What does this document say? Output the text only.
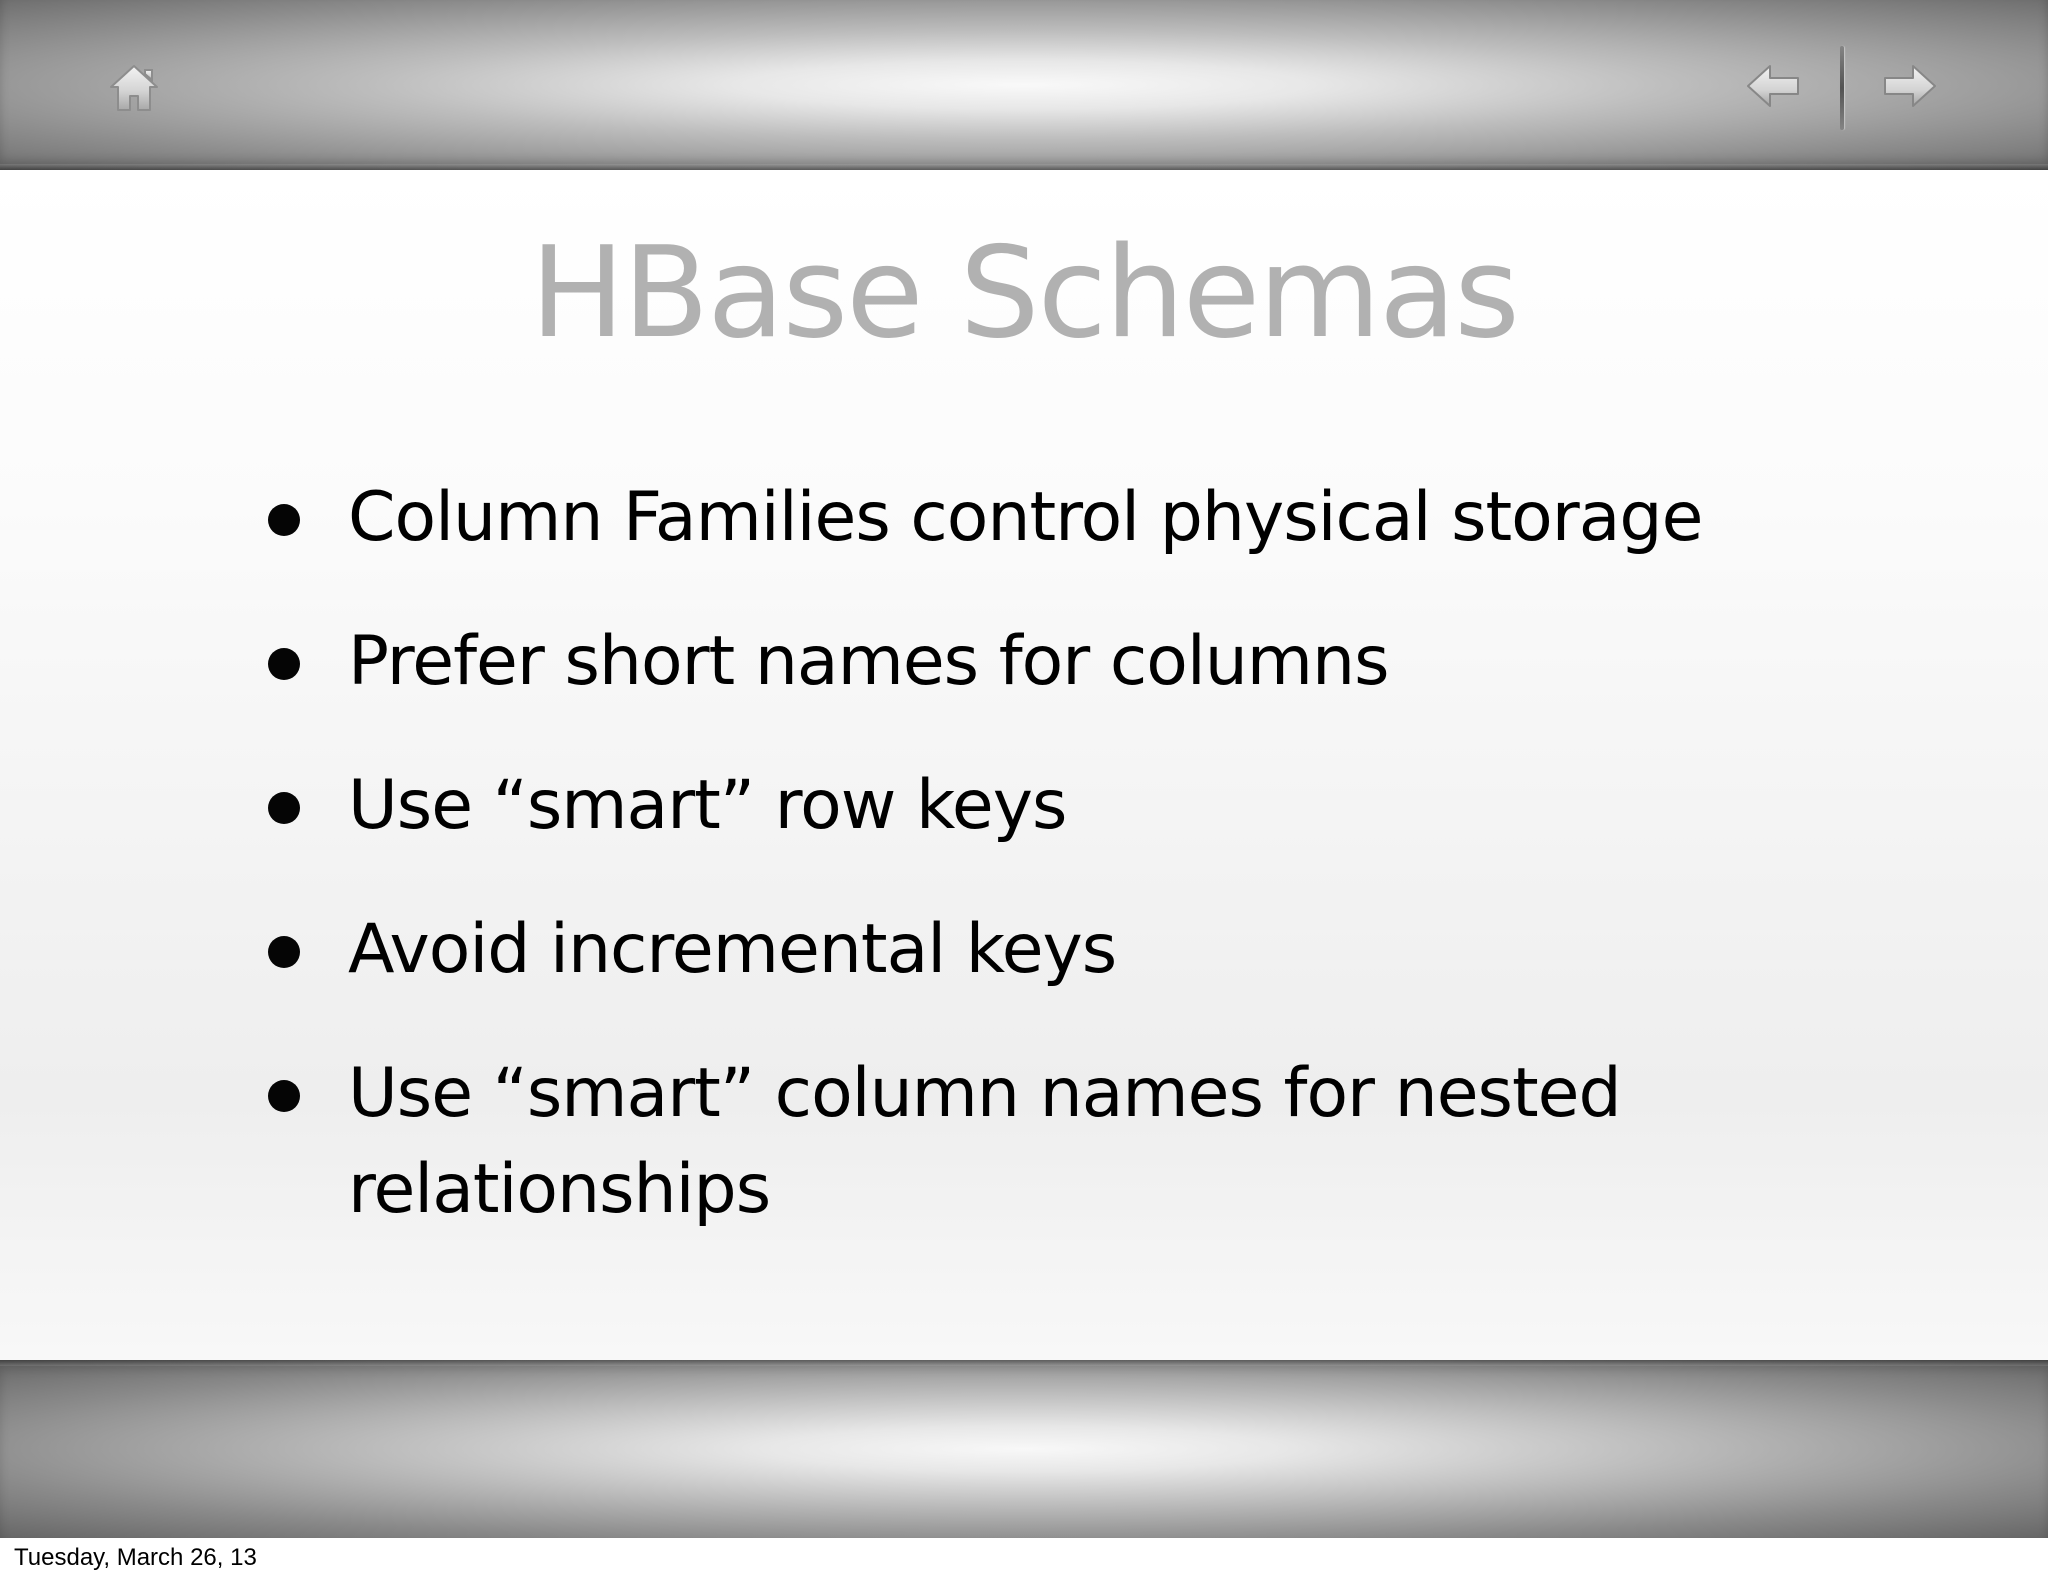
HBase Schemas
Column Families control physical storage
Prefer short names for columns
Use “smart” row keys
Avoid incremental keys
Use “smart” column names for nested relationships
Tuesday, March 26, 13
